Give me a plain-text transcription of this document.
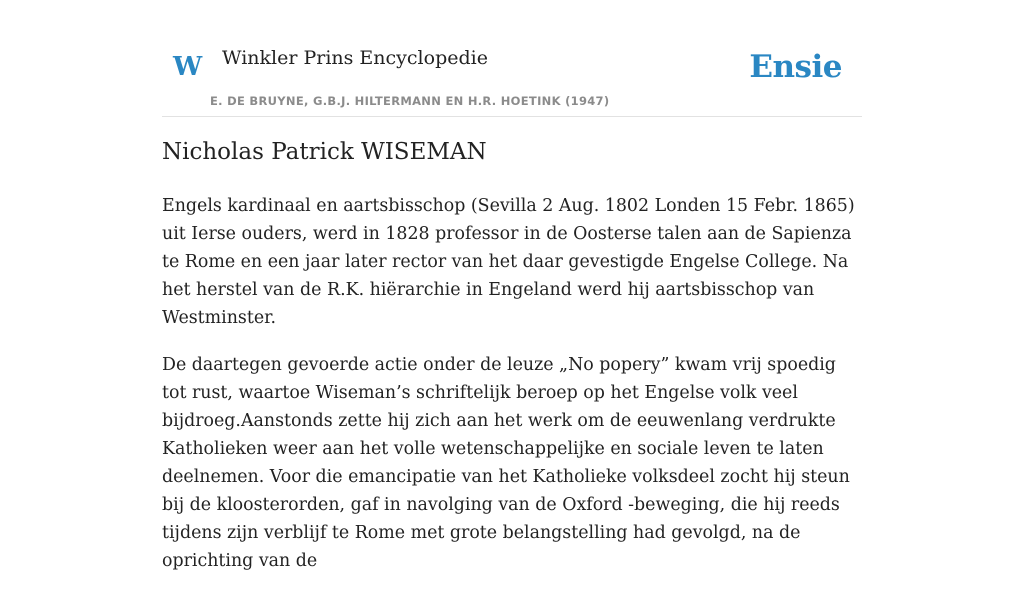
W Winkler Prins Encyclopedie
E. DE BRUYNE, G.B.J. HILTERMANN EN H.R. HOETINK (1947)
Ensie
Nicholas Patrick WISEMAN

Engels kardinaal en aartsbisschop (Sevilla 2 Aug. 1802 Londen 15 Febr. 1865) uit Ierse ouders, werd in 1828 professor in de Oosterse talen aan de Sapienza te Rome en een jaar later rector van het daar gevestigde Engelse College. Na het herstel van de R.K. hiërarchie in Engeland werd hij aartsbisschop van Westminster.

De daartegen gevoerde actie onder de leuze „No popery” kwam vrij spoedig tot rust, waartoe Wiseman’s schriftelijk beroep op het Engelse volk veel bijdroeg.Aanstonds zette hij zich aan het werk om de eeuwenlang verdrukte Katholieken weer aan het volle wetenschappelijke en sociale leven te laten deelnemen. Voor die emancipatie van het Katholieke volksdeel zocht hij steun bij de kloosterorden, gaf in navolging van de Oxford -beweging, die hij reeds tijdens zijn verblijf te Rome met grote belangstelling had gevolgd, na de oprichting van de
